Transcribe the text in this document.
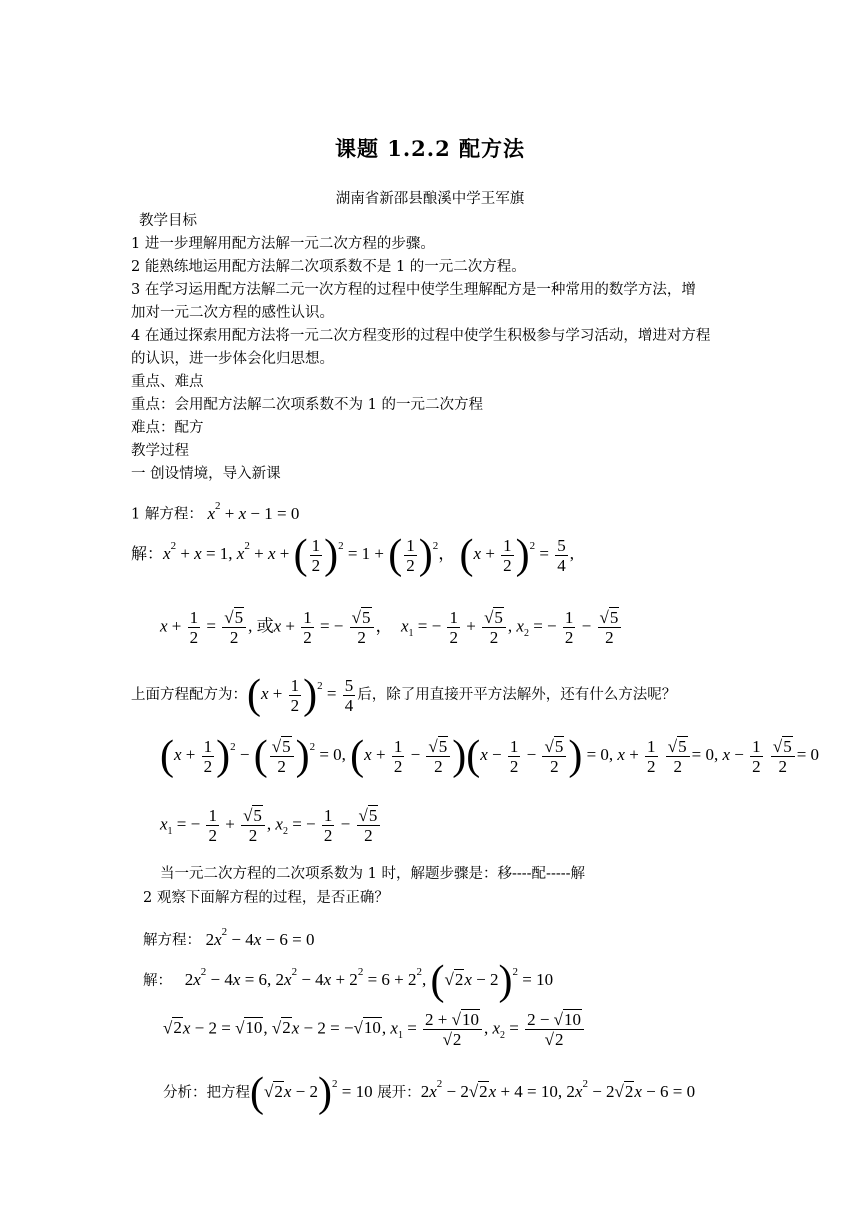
课题 1.2.2 配方法
湖南省新邵县酿溪中学王军旗
教学目标
1 进一步理解用配方法解一元二次方程的步骤。
2 能熟练地运用配方法解二次项系数不是 1 的一元二次方程。
3 在学习运用配方法解二元一次方程的过程中使学生理解配方是一种常用的数学方法，增
加对一元二次方程的感性认识。
4 在通过探索用配方法将一元二次方程变形的过程中使学生积极参与学习活动，增进对方程
的认识，进一步体会化归思想。
重点、难点
重点：会用配方法解二次项系数不为 1 的一元二次方程
难点：配方
教学过程
一 创设情境，导入新课
1 解方程： $x^2 + x - 1 = 0$
解：$x^2 + x = 1$, $x^2 + x$ + ( $\frac{1}{2} )^2 = 1$ + ( $\frac{1}{2} )^2$， $(x + \frac{1}{2} )^2 = \frac{5}{4}$ ,
$x + \frac{1}{2} = \frac{√5}{2}$ , 或$x + \frac{1}{2}$ = − $\frac{√5}{2}$ ，  $x_1$ = − $\frac{1}{2} + \frac{√5}{2}$ , $x_2$ = − $\frac{1}{2} - \frac{√5}{2}$
上面方程配方为：$(x + \frac{1}{2} )^2 = \frac{5}{4}$ 后，除了用直接开平方法解外，还有什么方法呢？
$(x + \frac{1}{2} )^2$ − ( $\frac{√5}{2} )^2 = 0$, $(x + \frac{1}{2} - \frac{√5}{2} )(x - \frac{1}{2} - \frac{√5}{2}$ ) = 0, $x + \frac{1}{2}$
$\frac{√5}{2} = 0$, $x - \frac{1}{2}$
$\frac{√5}{2} = 0$
$x_1$ = − $\frac{1}{2} + \frac{√5}{2}$ , $x_2$ = − $\frac{1}{2} - \frac{√5}{2}$
当一元二次方程的二次项系数为 1 时，解题步骤是：移----配-----解
2 观察下面解方程的过程，是否正确？
解方程： $2x^2 - 4x - 6 = 0$
解：   $2x^2 - 4x = 6$, $2x^2 - 4x + 2^2 = 6 + 2^2$, $(√2x - 2)^2 = 10$
√2x − 2 = √10, √2x − 2 = −√10, $x_1 = \frac{2 + √10}{√2}$ , $x_2 = \frac{2 - √10}{√2}$
分析：把方程$(√2x - 2)^2 = 10$ 展开：$2x^2 - 2√2x + 4 = 10$, $2x^2 - 2√2x - 6 = 0$
